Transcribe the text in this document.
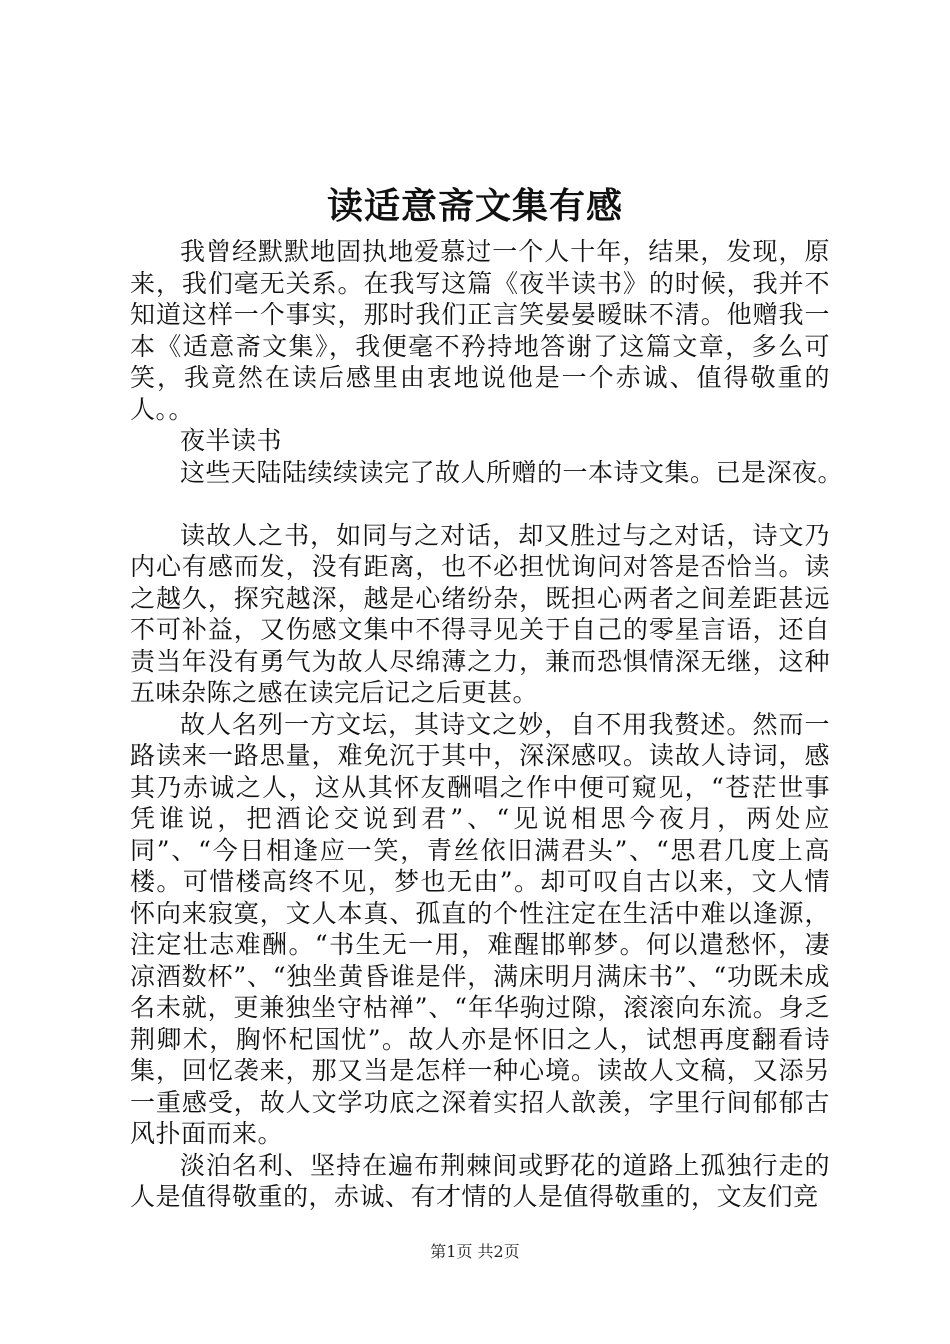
读适意斋文集有感

我曾经默默地固执地爱慕过一个人十年，结果，发现，原来，我们毫无关系。在我写这篇《夜半读书》的时候，我并不知道这样一个事实，那时我们正言笑晏晏暧昧不清。他赠我一本《适意斋文集》，我便毫不矜持地答谢了这篇文章，多么可笑，我竟然在读后感里由衷地说他是一个赤诚、值得敬重的人。。

夜半读书

这些天陆陆续续读完了故人所赠的一本诗文集。已是深夜。

读故人之书，如同与之对话，却又胜过与之对话，诗文乃内心有感而发，没有距离，也不必担忧询问对答是否恰当。读之越久，探究越深，越是心绪纷杂，既担心两者之间差距甚远不可补益，又伤感文集中不得寻见关于自己的零星言语，还自责当年没有勇气为故人尽绵薄之力，兼而恐惧情深无继，这种五味杂陈之感在读完后记之后更甚。

故人名列一方文坛，其诗文之妙，自不用我赘述。然而一路读来一路思量，难免沉于其中，深深感叹。读故人诗词，感其乃赤诚之人，这从其怀友酬唱之作中便可窥见，“苍茫世事凭谁说，把酒论交说到君”、“见说相思今夜月，两处应同”、“今日相逢应一笑，青丝依旧满君头”、“思君几度上高楼。可惜楼高终不见，梦也无由”。却可叹自古以来，文人情怀向来寂寞，文人本真、孤直的个性注定在生活中难以逢源，注定壮志难酬。“书生无一用，难醒邯郸梦。何以遣愁怀，凄凉酒数杯”、“独坐黄昏谁是伴，满床明月满床书”、“功既未成名未就，更兼独坐守枯禅”、“年华驹过隙，滚滚向东流。身乏荆卿术，胸怀杞国忧”。故人亦是怀旧之人，试想再度翻看诗集，回忆袭来，那又当是怎样一种心境。读故人文稿，又添另一重感受，故人文学功底之深着实招人歆羡，字里行间郁郁古风扑面而来。

淡泊名利、坚持在遍布荆棘间或野花的道路上孤独行走的人是值得敬重的，赤诚、有才情的人是值得敬重的，文友们竞

第1页 共2页
